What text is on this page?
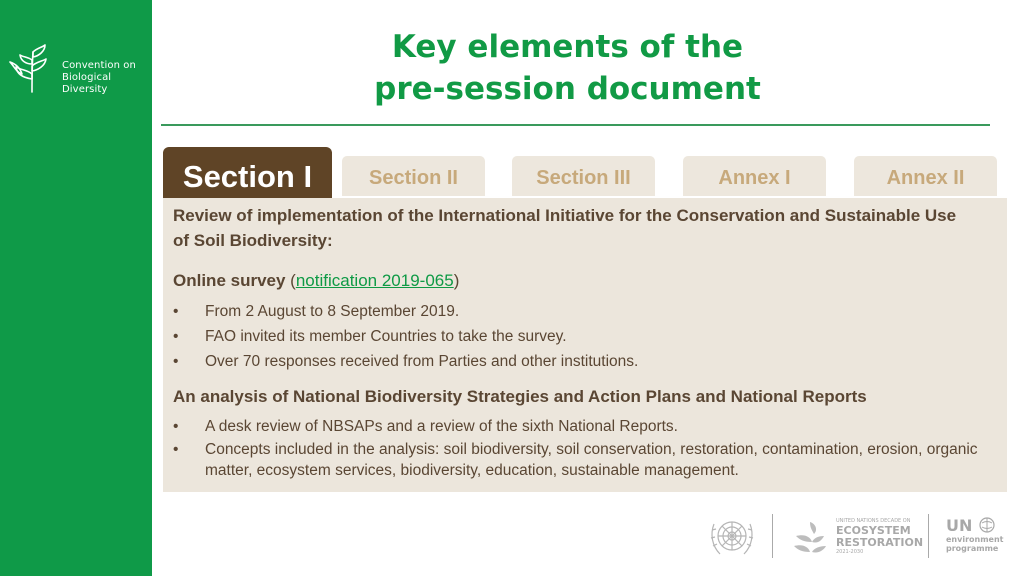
Convention on
Biological Diversity
Key elements of the
pre-session document
Section I	Section II	Section III	Annex I	Annex II
Review of implementation of the International Initiative for the Conservation and Sustainable Use of Soil Biodiversity:
Online survey (notification 2019-065)
• From 2 August to 8 September 2019.
• FAO invited its member Countries to take the survey.
• Over 70 responses received from Parties and other institutions.
An analysis of National Biodiversity Strategies and Action Plans and National Reports
• A desk review of NBSAPs and a review of the sixth National Reports.
• Concepts included in the analysis: soil biodiversity, soil conservation, restoration, contamination, erosion, organic matter, ecosystem services, biodiversity, education, sustainable management.
UNITED NATIONS DECADE ON
ECOSYSTEM
RESTORATION
2021-2030
UN
environment
programme
